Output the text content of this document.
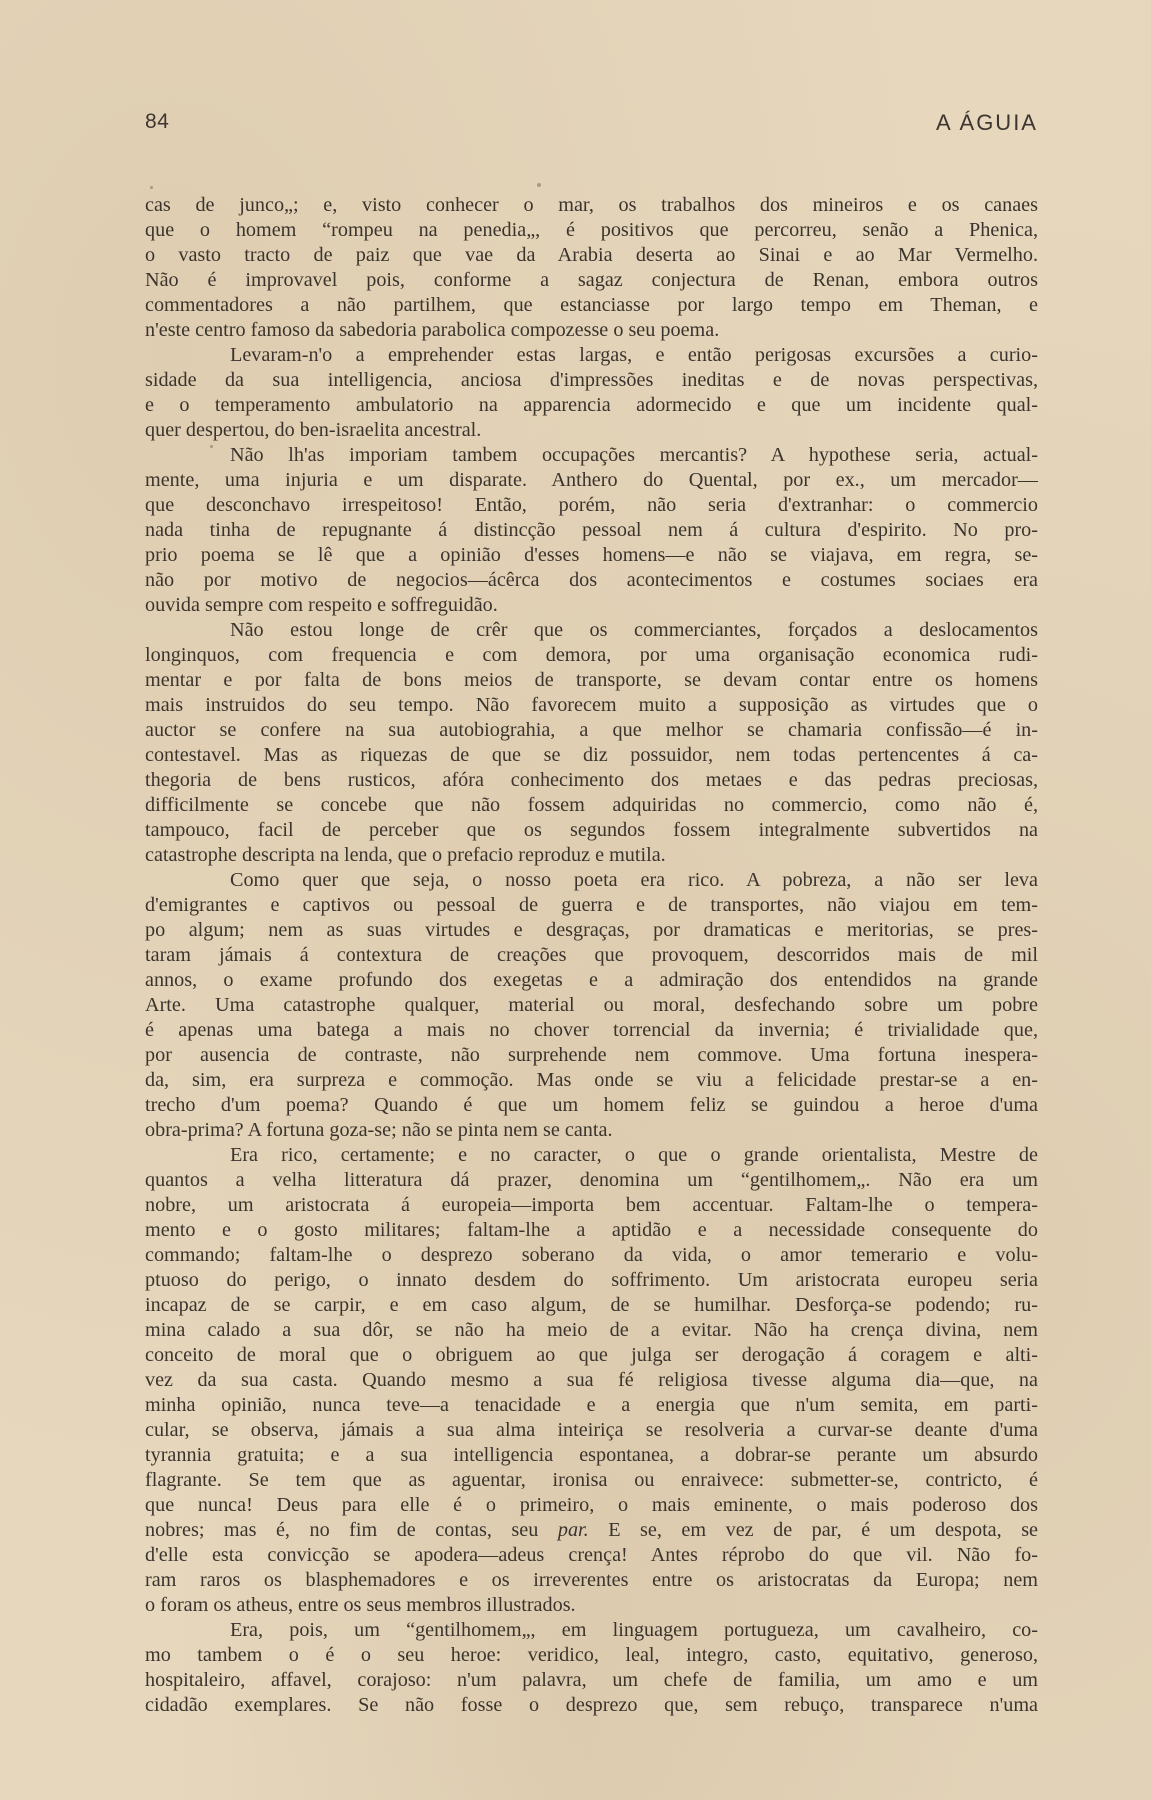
84	A ÁGUIA
cas de junco„; e, visto conhecer o mar, os trabalhos dos mineiros e os canaes
que o homem “rompeu na penedia„, é positivos que percorreu, senão a Phenica,
o vasto tracto de paiz que vae da Arabia deserta ao Sinai e ao Mar Vermelho.
Não é improvavel pois, conforme a sagaz conjectura de Renan, embora outros
commentadores a não partilhem, que estanciasse por largo tempo em Theman, e
n'este centro famoso da sabedoria parabolica compozesse o seu poema.
Levaram-n'o a emprehender estas largas, e então perigosas excursões a curio-
sidade da sua intelligencia, anciosa d'impressões ineditas e de novas perspectivas,
e o temperamento ambulatorio na apparencia adormecido e que um incidente qual-
quer despertou, do ben-israelita ancestral.
Não lh'as imporiam tambem occupações mercantis? A hypothese seria, actual-
mente, uma injuria e um disparate. Anthero do Quental, por ex., um mercador—
que desconchavo irrespeitoso! Então, porém, não seria d'extranhar: o commercio
nada tinha de repugnante á distincção pessoal nem á cultura d'espirito. No pro-
prio poema se lê que a opinião d'esses homens—e não se viajava, em regra, se-
não por motivo de negocios—ácêrca dos acontecimentos e costumes sociaes era
ouvida sempre com respeito e soffreguidão.
Não estou longe de crêr que os commerciantes, forçados a deslocamentos
longinquos, com frequencia e com demora, por uma organisação economica rudi-
mentar e por falta de bons meios de transporte, se devam contar entre os homens
mais instruidos do seu tempo. Não favorecem muito a supposição as virtudes que o
auctor se confere na sua autobiograhia, a que melhor se chamaria confissão—é in-
contestavel. Mas as riquezas de que se diz possuidor, nem todas pertencentes á ca-
thegoria de bens rusticos, afóra conhecimento dos metaes e das pedras preciosas,
difficilmente se concebe que não fossem adquiridas no commercio, como não é,
tampouco, facil de perceber que os segundos fossem integralmente subvertidos na
catastrophe descripta na lenda, que o prefacio reproduz e mutila.
Como quer que seja, o nosso poeta era rico. A pobreza, a não ser leva
d'emigrantes e captivos ou pessoal de guerra e de transportes, não viajou em tem-
po algum; nem as suas virtudes e desgraças, por dramaticas e meritorias, se pres-
taram jámais á contextura de creações que provoquem, descorridos mais de mil
annos, o exame profundo dos exegetas e a admiração dos entendidos na grande
Arte. Uma catastrophe qualquer, material ou moral, desfechando sobre um pobre
é apenas uma batega a mais no chover torrencial da invernia; é trivialidade que,
por ausencia de contraste, não surprehende nem commove. Uma fortuna inespera-
da, sim, era surpreza e commoção. Mas onde se viu a felicidade prestar-se a en-
trecho d'um poema? Quando é que um homem feliz se guindou a heroe d'uma
obra-prima? A fortuna goza-se; não se pinta nem se canta.
Era rico, certamente; e no caracter, o que o grande orientalista, Mestre de
quantos a velha litteratura dá prazer, denomina um “gentilhomem„. Não era um
nobre, um aristocrata á europeia—importa bem accentuar. Faltam-lhe o tempera-
mento e o gosto militares; faltam-lhe a aptidão e a necessidade consequente do
commando; faltam-lhe o desprezo soberano da vida, o amor temerario e volu-
ptuoso do perigo, o innato desdem do soffrimento. Um aristocrata europeu seria
incapaz de se carpir, e em caso algum, de se humilhar. Desforça-se podendo; ru-
mina calado a sua dôr, se não ha meio de a evitar. Não ha crença divina, nem
conceito de moral que o obriguem ao que julga ser derogação á coragem e alti-
vez da sua casta. Quando mesmo a sua fé religiosa tivesse alguma dia—que, na
minha opinião, nunca teve—a tenacidade e a energia que n'um semita, em parti-
cular, se observa, jámais a sua alma inteiriça se resolveria a curvar-se deante d'uma
tyrannia gratuita; e a sua intelligencia espontanea, a dobrar-se perante um absurdo
flagrante. Se tem que as aguentar, ironisa ou enraivece: submetter-se, contricto, é
que nunca! Deus para elle é o primeiro, o mais eminente, o mais poderoso dos
nobres; mas é, no fim de contas, seu par. E se, em vez de par, é um despota, se
d'elle esta convicção se apodera—adeus crença! Antes réprobo do que vil. Não fo-
ram raros os blasphemadores e os irreverentes entre os aristocratas da Europa; nem
o foram os atheus, entre os seus membros illustrados.
Era, pois, um “gentilhomem„, em linguagem portugueza, um cavalheiro, co-
mo tambem o é o seu heroe: veridico, leal, integro, casto, equitativo, generoso,
hospitaleiro, affavel, corajoso: n'um palavra, um chefe de familia, um amo e um
cidadão exemplares. Se não fosse o desprezo que, sem rebuço, transparece n'uma
